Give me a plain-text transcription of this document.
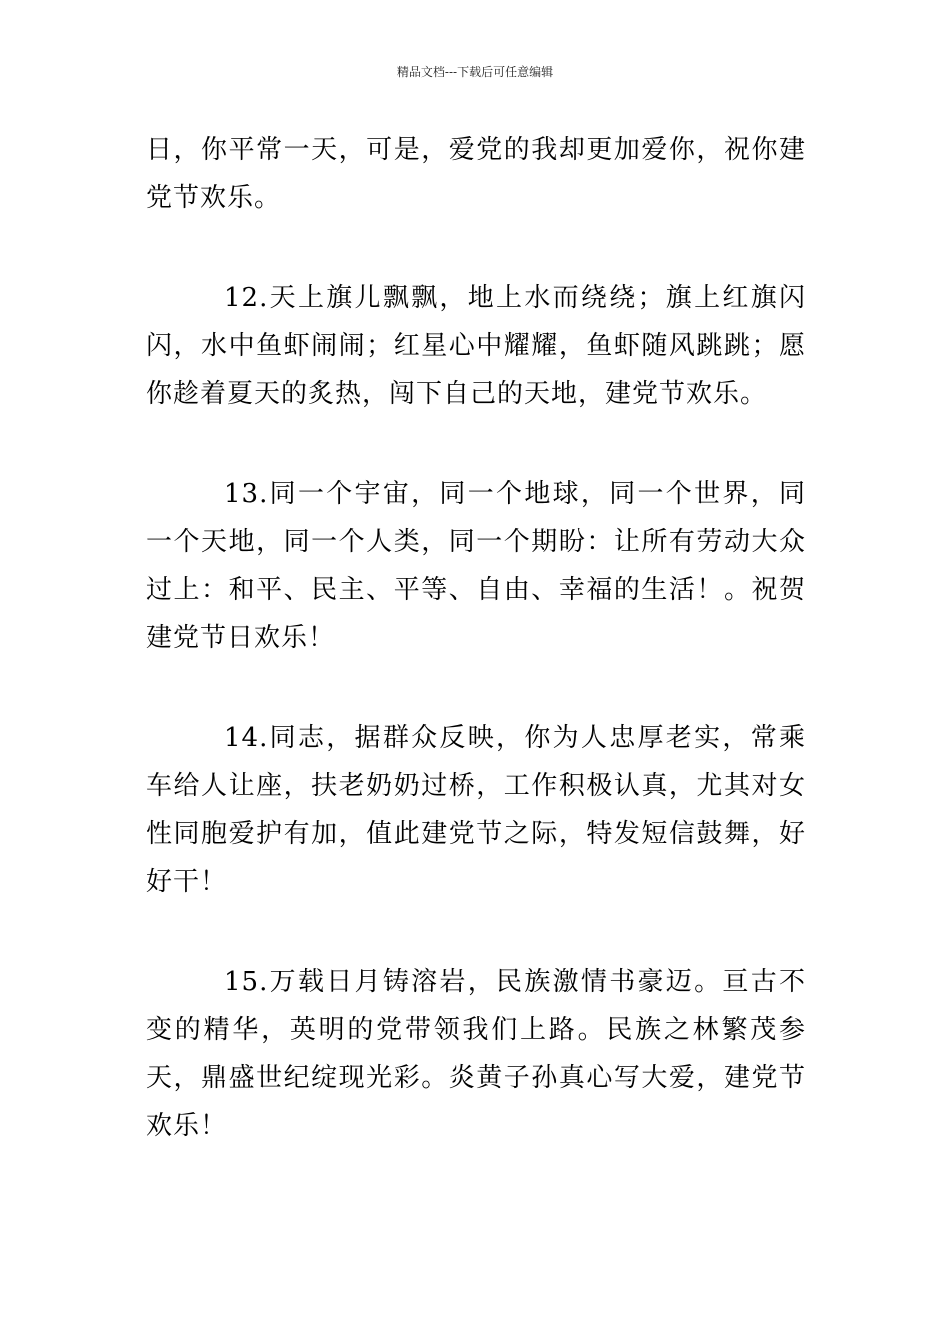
精品文档---下载后可任意编辑

日，你平常一天，可是，爱党的我却更加爱你，祝你建党节欢乐。

12.天上旗儿飘飘，地上水而绕绕；旗上红旗闪闪，水中鱼虾闹闹；红星心中耀耀，鱼虾随风跳跳；愿你趁着夏天的炙热，闯下自己的天地，建党节欢乐。

13.同一个宇宙，同一个地球，同一个世界，同一个天地，同一个人类，同一个期盼：让所有劳动大众过上：和平、民主、平等、自由、幸福的生活！。祝贺建党节日欢乐！

14.同志，据群众反映，你为人忠厚老实，常乘车给人让座，扶老奶奶过桥，工作积极认真，尤其对女性同胞爱护有加，值此建党节之际，特发短信鼓舞，好好干！

15.万载日月铸溶岩，民族激情书豪迈。亘古不变的精华，英明的党带领我们上路。民族之林繁茂参天，鼎盛世纪绽现光彩。炎黄子孙真心写大爱，建党节欢乐！
